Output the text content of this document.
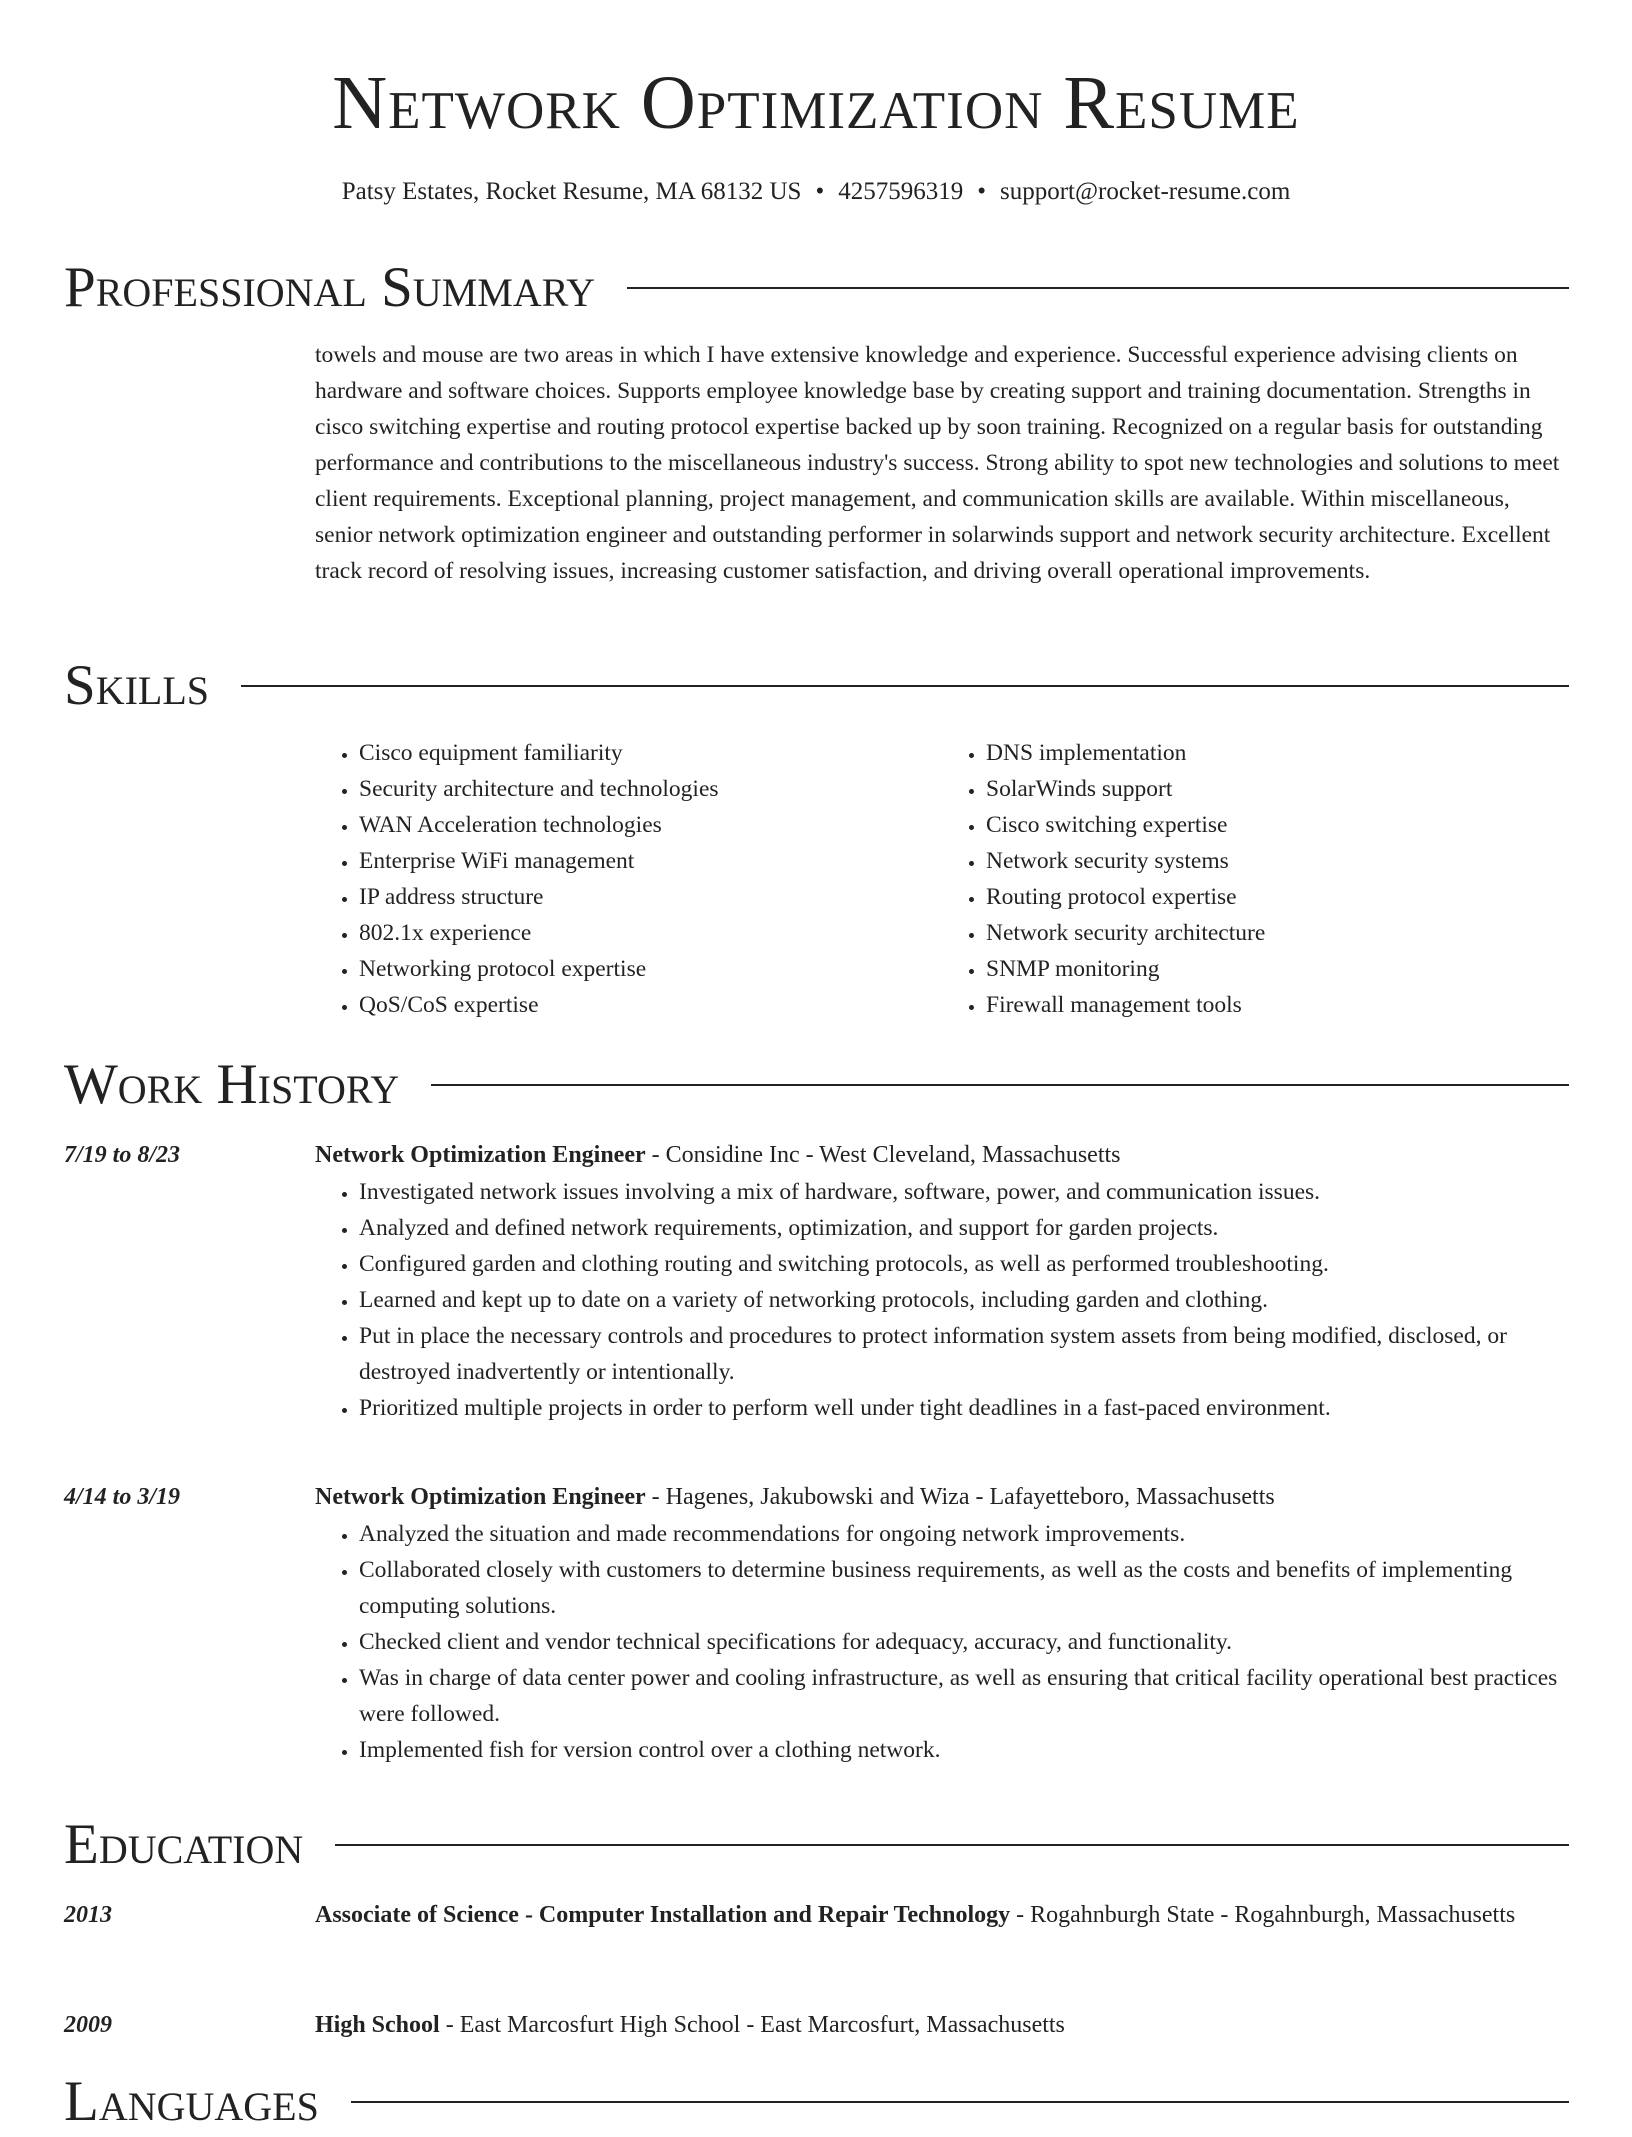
Network Optimization Resume
Patsy Estates, Rocket Resume, MA 68132 US • 4257596319 • support@rocket-resume.com
Professional Summary
towels and mouse are two areas in which I have extensive knowledge and experience. Successful experience advising clients on hardware and software choices. Supports employee knowledge base by creating support and training documentation. Strengths in cisco switching expertise and routing protocol expertise backed up by soon training. Recognized on a regular basis for outstanding performance and contributions to the miscellaneous industry's success. Strong ability to spot new technologies and solutions to meet client requirements. Exceptional planning, project management, and communication skills are available. Within miscellaneous, senior network optimization engineer and outstanding performer in solarwinds support and network security architecture. Excellent track record of resolving issues, increasing customer satisfaction, and driving overall operational improvements.
Skills
• Cisco equipment familiarity
• Security architecture and technologies
• WAN Acceleration technologies
• Enterprise WiFi management
• IP address structure
• 802.1x experience
• Networking protocol expertise
• QoS/CoS expertise
• DNS implementation
• SolarWinds support
• Cisco switching expertise
• Network security systems
• Routing protocol expertise
• Network security architecture
• SNMP monitoring
• Firewall management tools
Work History
7/19 to 8/23	Network Optimization Engineer - Considine Inc - West Cleveland, Massachusetts
• Investigated network issues involving a mix of hardware, software, power, and communication issues.
• Analyzed and defined network requirements, optimization, and support for garden projects.
• Configured garden and clothing routing and switching protocols, as well as performed troubleshooting.
• Learned and kept up to date on a variety of networking protocols, including garden and clothing.
• Put in place the necessary controls and procedures to protect information system assets from being modified, disclosed, or destroyed inadvertently or intentionally.
• Prioritized multiple projects in order to perform well under tight deadlines in a fast-paced environment.
4/14 to 3/19	Network Optimization Engineer - Hagenes, Jakubowski and Wiza - Lafayetteboro, Massachusetts
• Analyzed the situation and made recommendations for ongoing network improvements.
• Collaborated closely with customers to determine business requirements, as well as the costs and benefits of implementing computing solutions.
• Checked client and vendor technical specifications for adequacy, accuracy, and functionality.
• Was in charge of data center power and cooling infrastructure, as well as ensuring that critical facility operational best practices were followed.
• Implemented fish for version control over a clothing network.
Education
2013	Associate of Science - Computer Installation and Repair Technology - Rogahnburgh State - Rogahnburgh, Massachusetts
2009	High School - East Marcosfurt High School - East Marcosfurt, Massachusetts
Languages
